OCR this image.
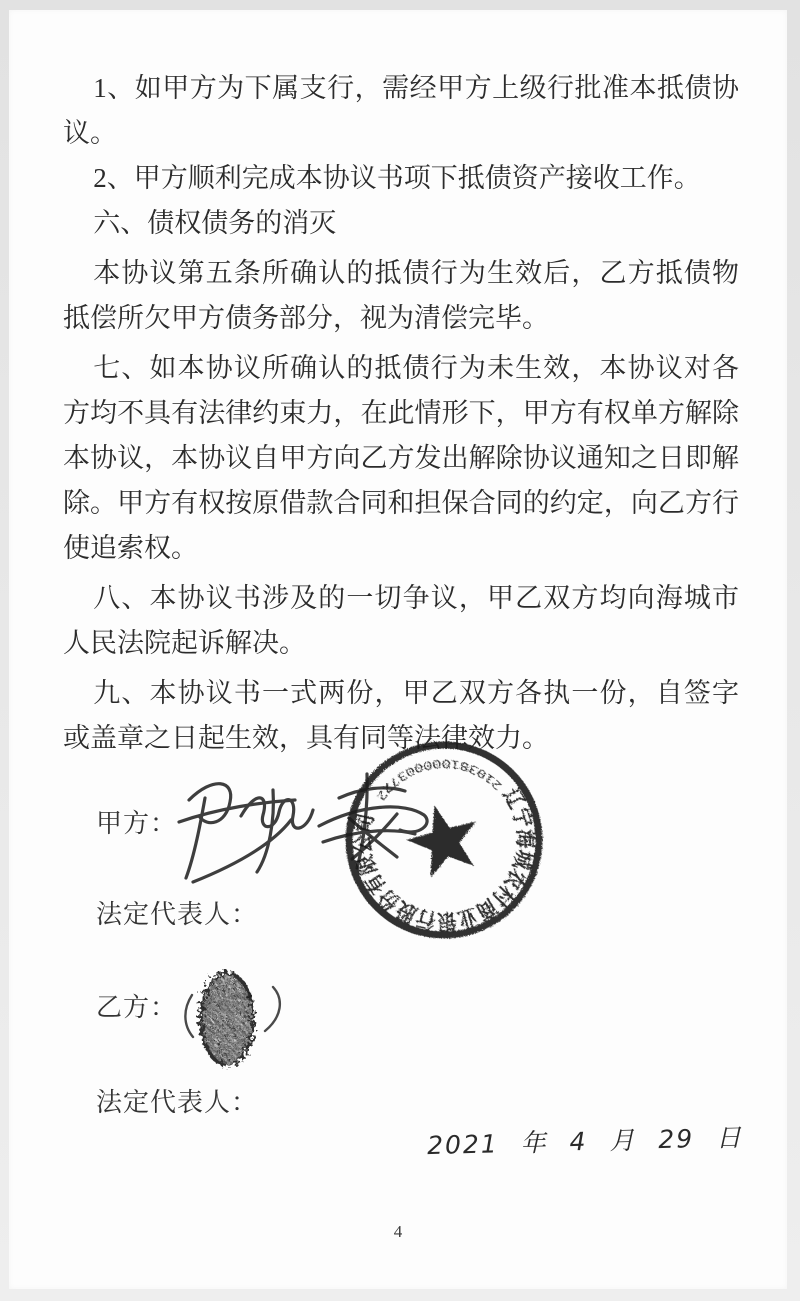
1、如甲方为下属支行，需经甲方上级行批准本抵债协议。

2、甲方顺利完成本协议书项下抵债资产接收工作。

六、债权债务的消灭

本协议第五条所确认的抵债行为生效后，乙方抵债物抵偿所欠甲方债务部分，视为清偿完毕。

七、如本协议所确认的抵债行为未生效，本协议对各方均不具有法律约束力，在此情形下，甲方有权单方解除本协议，本协议自甲方向乙方发出解除协议通知之日即解除。甲方有权按原借款合同和担保合同的约定，向乙方行使追索权。

八、本协议书涉及的一切争议，甲乙双方均向海城市人民法院起诉解决。

九、本协议书一式两份，甲乙双方各执一份，自签字或盖章之日起生效，具有同等法律效力。

甲方：
法定代表人：
乙方：
法定代表人：
辽宁海城农村商业银行股份有限公司
210381000003722
2021 年 4 月 29 日
4
